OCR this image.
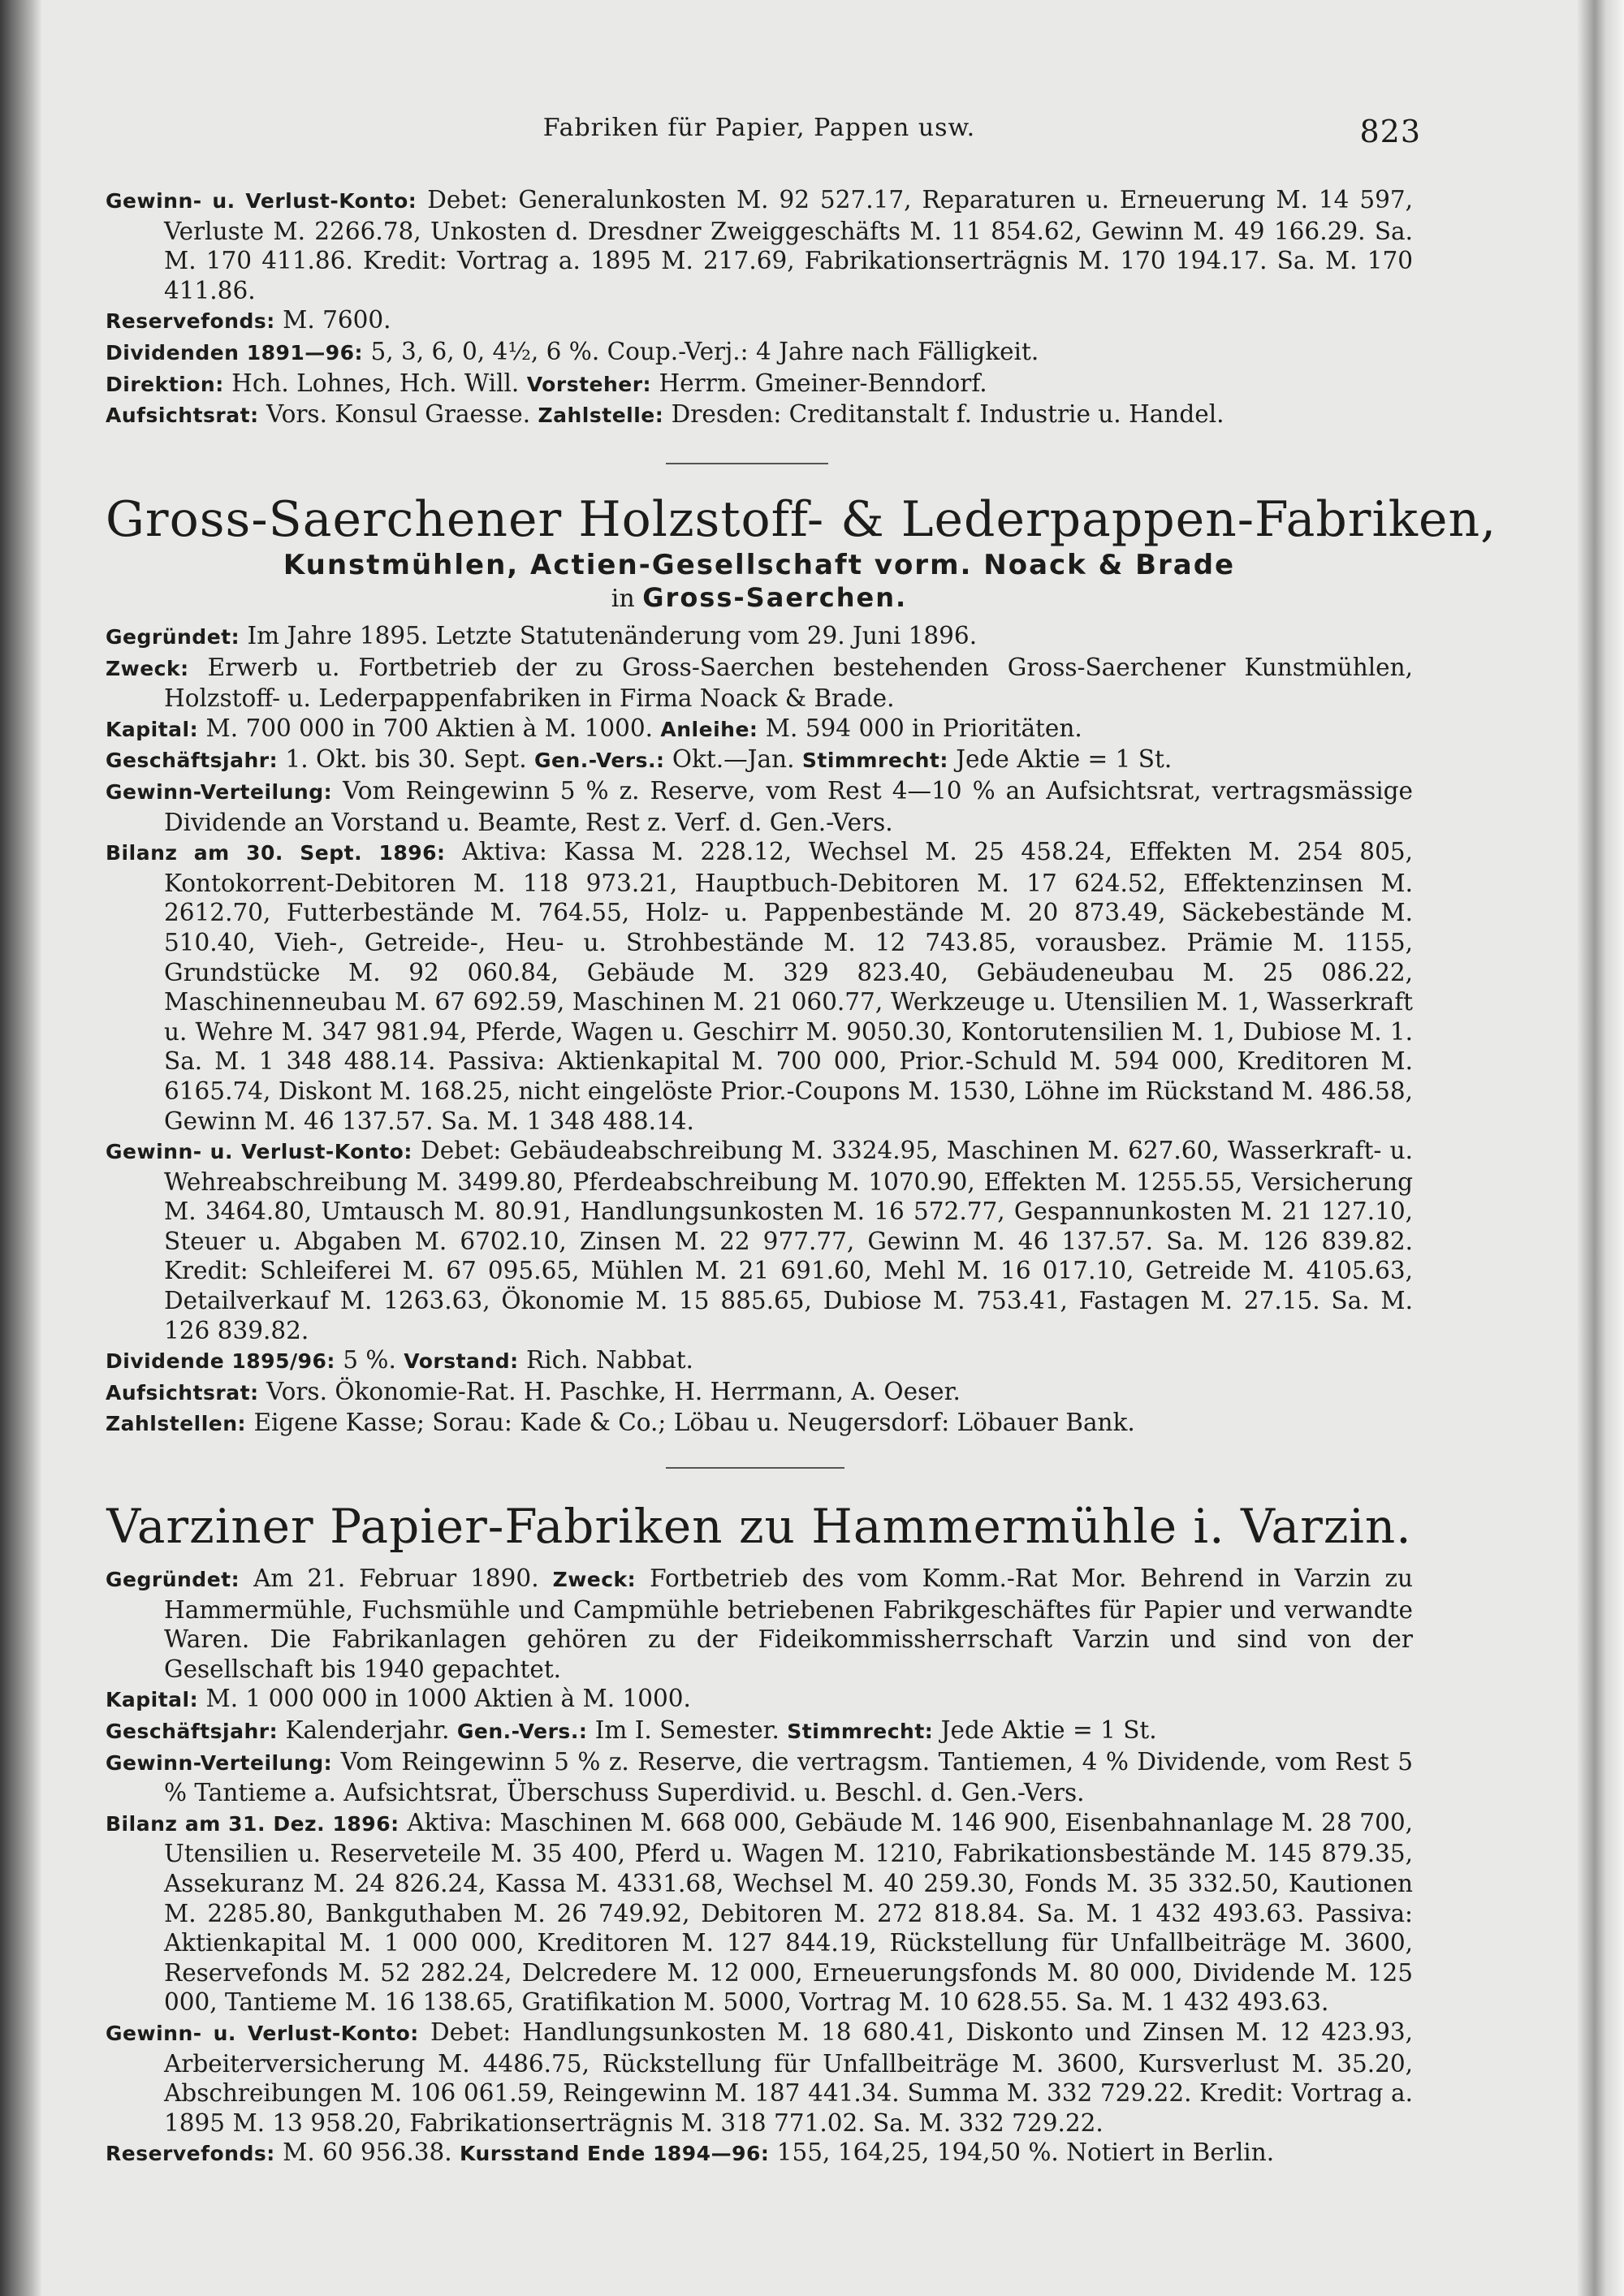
Fabriken für Papier, Pappen usw.	823

Gewinn- u. Verlust-Konto: Debet: Generalunkosten M. 92 527.17, Reparaturen u. Erneuerung M. 14 597, Verluste M. 2266.78, Unkosten d. Dresdner Zweiggeschäfts M. 11 854.62, Gewinn M. 49 166.29. Sa. M. 170 411.86. Kredit: Vortrag a. 1895 M. 217.69, Fabrikationserträgnis M. 170 194.17. Sa. M. 170 411.86.

Reservefonds: M. 7600.

Dividenden 1891—96: 5, 3, 6, 0, 4½, 6 %. Coup.-Verj.: 4 Jahre nach Fälligkeit.

Direktion: Hch. Lohnes, Hch. Will. Vorsteher: Herrm. Gmeiner-Benndorf.

Aufsichtsrat: Vors. Konsul Graesse. Zahlstelle: Dresden: Creditanstalt f. Industrie u. Handel.

Gross-Saerchener Holzstoff- & Lederpappen-Fabriken,

Kunstmühlen, Actien-Gesellschaft vorm. Noack & Brade

in Gross-Saerchen.

Gegründet: Im Jahre 1895. Letzte Statutenänderung vom 29. Juni 1896.

Zweck: Erwerb u. Fortbetrieb der zu Gross-Saerchen bestehenden Gross-Saerchener Kunstmühlen, Holzstoff- u. Lederpappenfabriken in Firma Noack & Brade.

Kapital: M. 700 000 in 700 Aktien à M. 1000. Anleihe: M. 594 000 in Prioritäten.

Geschäftsjahr: 1. Okt. bis 30. Sept. Gen.-Vers.: Okt.—Jan. Stimmrecht: Jede Aktie = 1 St.

Gewinn-Verteilung: Vom Reingewinn 5 % z. Reserve, vom Rest 4—10 % an Aufsichtsrat, vertragsmässige Dividende an Vorstand u. Beamte, Rest z. Verf. d. Gen.-Vers.

Bilanz am 30. Sept. 1896: Aktiva: Kassa M. 228.12, Wechsel M. 25 458.24, Effekten M. 254 805, Kontokorrent-Debitoren M. 118 973.21, Hauptbuch-Debitoren M. 17 624.52, Effektenzinsen M. 2612.70, Futterbestände M. 764.55, Holz- u. Pappenbestände M. 20 873.49, Säckebestände M. 510.40, Vieh-, Getreide-, Heu- u. Strohbestände M. 12 743.85, vorausbez. Prämie M. 1155, Grundstücke M. 92 060.84, Gebäude M. 329 823.40, Gebäudeneubau M. 25 086.22, Maschinenneubau M. 67 692.59, Maschinen M. 21 060.77, Werkzeuge u. Utensilien M. 1, Wasserkraft u. Wehre M. 347 981.94, Pferde, Wagen u. Geschirr M. 9050.30, Kontorutensilien M. 1, Dubiose M. 1. Sa. M. 1 348 488.14. Passiva: Aktienkapital M. 700 000, Prior.-Schuld M. 594 000, Kreditoren M. 6165.74, Diskont M. 168.25, nicht eingelöste Prior.-Coupons M. 1530, Löhne im Rückstand M. 486.58, Gewinn M. 46 137.57. Sa. M. 1 348 488.14.

Gewinn- u. Verlust-Konto: Debet: Gebäudeabschreibung M. 3324.95, Maschinen M. 627.60, Wasserkraft- u. Wehreabschreibung M. 3499.80, Pferdeabschreibung M. 1070.90, Effekten M. 1255.55, Versicherung M. 3464.80, Umtausch M. 80.91, Handlungsunkosten M. 16 572.77, Gespannunkosten M. 21 127.10, Steuer u. Abgaben M. 6702.10, Zinsen M. 22 977.77, Gewinn M. 46 137.57. Sa. M. 126 839.82. Kredit: Schleiferei M. 67 095.65, Mühlen M. 21 691.60, Mehl M. 16 017.10, Getreide M. 4105.63, Detailverkauf M. 1263.63, Ökonomie M. 15 885.65, Dubiose M. 753.41, Fastagen M. 27.15. Sa. M. 126 839.82.

Dividende 1895/96: 5 %. Vorstand: Rich. Nabbat.

Aufsichtsrat: Vors. Ökonomie-Rat. H. Paschke, H. Herrmann, A. Oeser.

Zahlstellen: Eigene Kasse; Sorau: Kade & Co.; Löbau u. Neugersdorf: Löbauer Bank.

Varziner Papier-Fabriken zu Hammermühle i. Varzin.

Gegründet: Am 21. Februar 1890. Zweck: Fortbetrieb des vom Komm.-Rat Mor. Behrend in Varzin zu Hammermühle, Fuchsmühle und Campmühle betriebenen Fabrikgeschäftes für Papier und verwandte Waren. Die Fabrikanlagen gehören zu der Fideikommissherrschaft Varzin und sind von der Gesellschaft bis 1940 gepachtet.

Kapital: M. 1 000 000 in 1000 Aktien à M. 1000.

Geschäftsjahr: Kalenderjahr. Gen.-Vers.: Im I. Semester. Stimmrecht: Jede Aktie = 1 St.

Gewinn-Verteilung: Vom Reingewinn 5 % z. Reserve, die vertragsm. Tantiemen, 4 % Dividende, vom Rest 5 % Tantieme a. Aufsichtsrat, Überschuss Superdivid. u. Beschl. d. Gen.-Vers.

Bilanz am 31. Dez. 1896: Aktiva: Maschinen M. 668 000, Gebäude M. 146 900, Eisenbahnanlage M. 28 700, Utensilien u. Reserveteile M. 35 400, Pferd u. Wagen M. 1210, Fabrikationsbestände M. 145 879.35, Assekuranz M. 24 826.24, Kassa M. 4331.68, Wechsel M. 40 259.30, Fonds M. 35 332.50, Kautionen M. 2285.80, Bankguthaben M. 26 749.92, Debitoren M. 272 818.84. Sa. M. 1 432 493.63. Passiva: Aktienkapital M. 1 000 000, Kreditoren M. 127 844.19, Rückstellung für Unfallbeiträge M. 3600, Reservefonds M. 52 282.24, Delcredere M. 12 000, Erneuerungsfonds M. 80 000, Dividende M. 125 000, Tantieme M. 16 138.65, Gratifikation M. 5000, Vortrag M. 10 628.55. Sa. M. 1 432 493.63.

Gewinn- u. Verlust-Konto: Debet: Handlungsunkosten M. 18 680.41, Diskonto und Zinsen M. 12 423.93, Arbeiterversicherung M. 4486.75, Rückstellung für Unfallbeiträge M. 3600, Kursverlust M. 35.20, Abschreibungen M. 106 061.59, Reingewinn M. 187 441.34. Summa M. 332 729.22. Kredit: Vortrag a. 1895 M. 13 958.20, Fabrikationserträgnis M. 318 771.02. Sa. M. 332 729.22.

Reservefonds: M. 60 956.38. Kursstand Ende 1894—96: 155, 164,25, 194,50 %. Notiert in Berlin.
